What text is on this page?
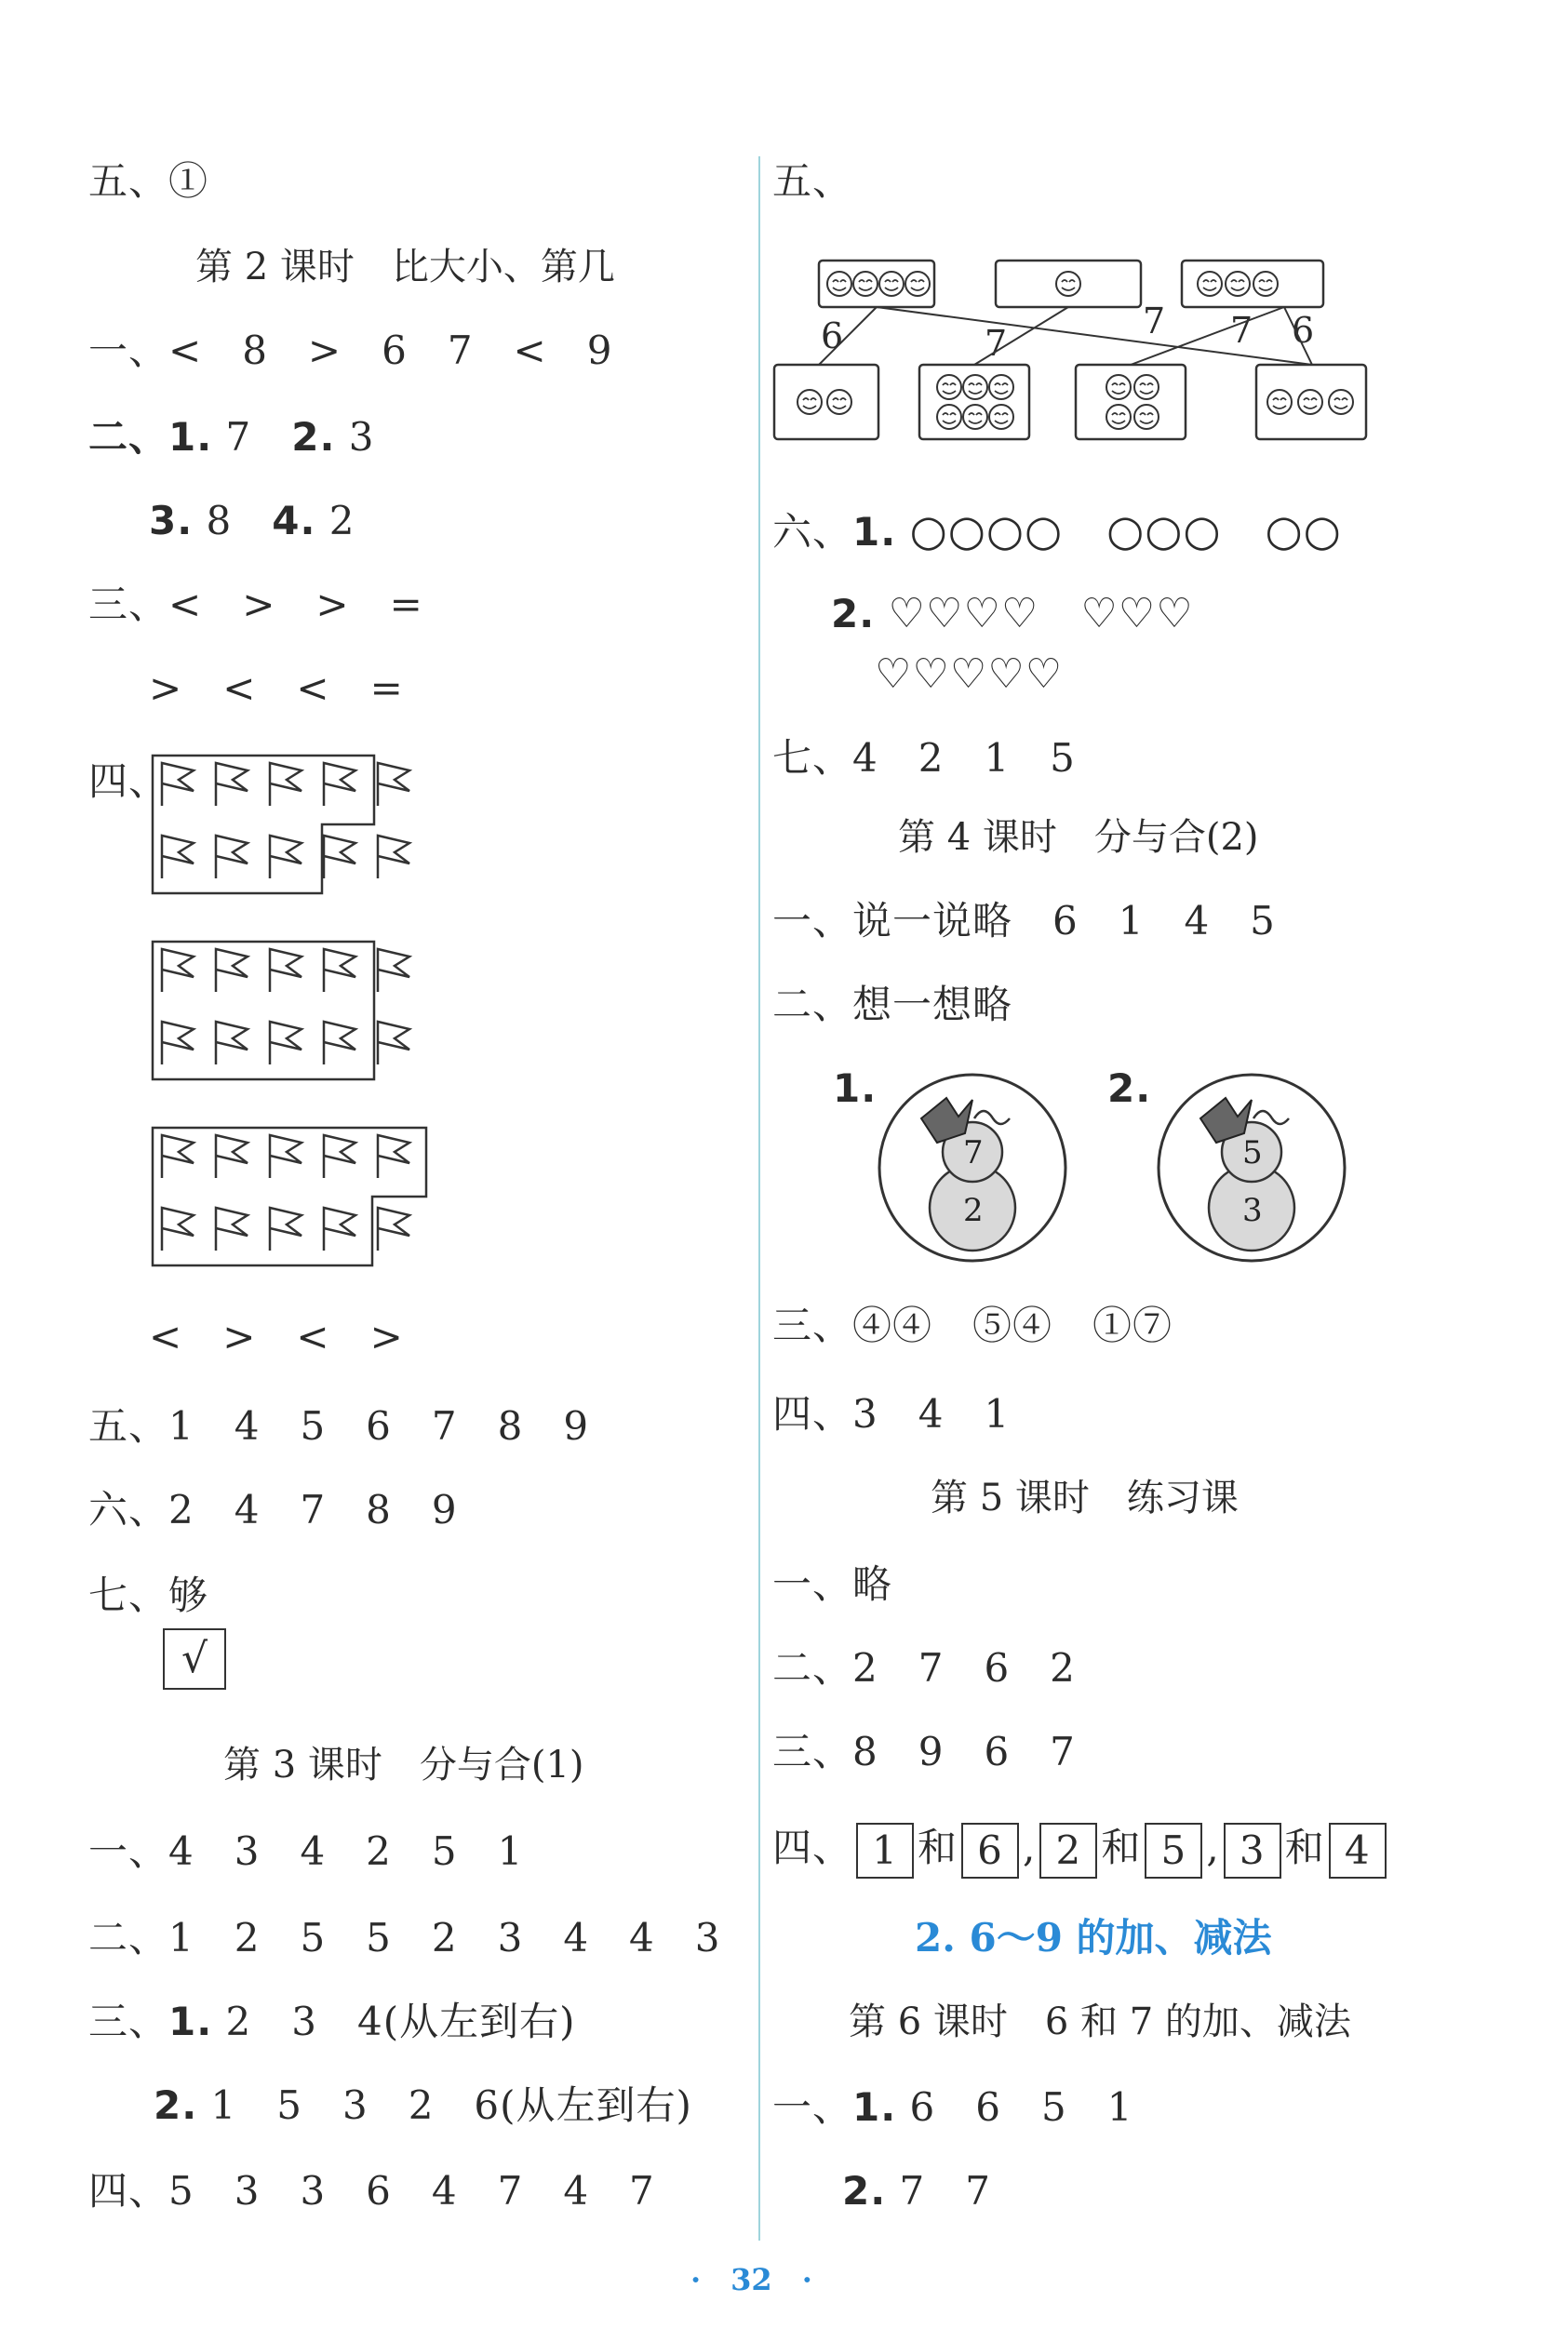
五、①
第 2 课时　比大小、第几
一、<　8　>　6　7　<　9
二、1. 7　2. 3
3. 8　4. 2
三、<　>　>　=
>　<　<　=
四、
<　>　<　>
五、1　4　5　6　7　8　9
六、2　4　7　8　9
七、够
√
第 3 课时　分与合(1)
一、4　3　4　2　5　1
二、1　2　5　5　2　3　4　4　3
三、1. 2　3　4(从左到右)
2. 1　5　3　2　6(从左到右)
四、5　3　3　6　4　7　4　7
五、
6	7
7 7 6
六、1. ○○○○　○○○　○○
2. ♡♡♡♡　♡♡♡
♡♡♡♡♡
七、4　2　1　5
第 4 课时　分与合(2)
一、说一说略　6　1　4　5
二、想一想略
1.
7
2
2.
5
3
三、④④　⑤④　①⑦
四、3　4　1
第 5 课时　练习课
一、略
二、2　7　6　2
三、8　9　6　7
四、 1 和 6 , 2 和 5 , 3 和 4
2. 6～9 的加、减法
第 6 课时　6 和 7 的加、减法
一、1. 6　6　5　1
2. 7　7
·　 32　 ·
